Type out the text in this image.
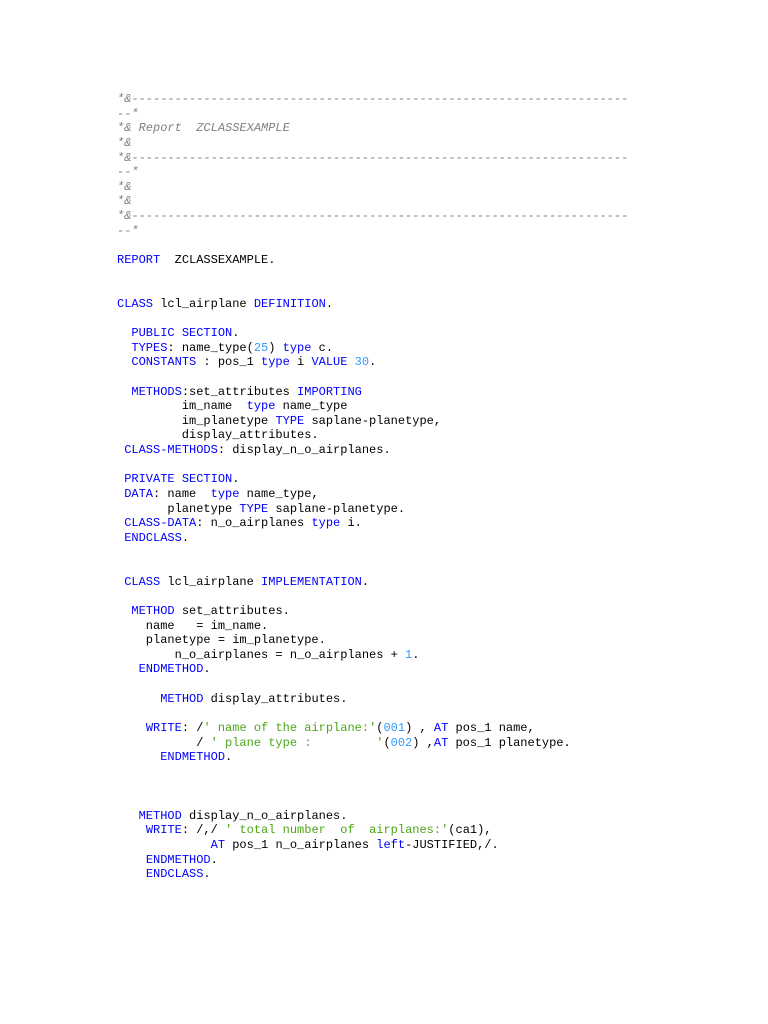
*&---------------------------------------------------------------------
--*
*& Report  ZCLASSEXAMPLE
*&
*&---------------------------------------------------------------------
--*
*&
*&
*&---------------------------------------------------------------------
--*
REPORT  ZCLASSEXAMPLE.
CLASS lcl_airplane DEFINITION.
PUBLIC SECTION.
TYPES: name_type(25) type c.
CONSTANTS : pos_1 type i VALUE 30.
METHODS:set_attributes IMPORTING
im_name  type name_type
im_planetype TYPE saplane-planetype,
display_attributes.
CLASS-METHODS: display_n_o_airplanes.
PRIVATE SECTION.
DATA: name  type name_type,
planetype TYPE saplane-planetype.
CLASS-DATA: n_o_airplanes type i.
ENDCLASS.
CLASS lcl_airplane IMPLEMENTATION.
METHOD set_attributes.
name   = im_name.
planetype = im_planetype.
n_o_airplanes = n_o_airplanes + 1.
ENDMETHOD.
METHOD display_attributes.
WRITE: /' name of the airplane:'(001) , AT pos_1 name,
/ ' plane type :         '(002) ,AT pos_1 planetype.
ENDMETHOD.
METHOD display_n_o_airplanes.
WRITE: /,/ ' total number  of  airplanes:'(ca1),
AT pos_1 n_o_airplanes left-JUSTIFIED,/.
ENDMETHOD.
ENDCLASS.
